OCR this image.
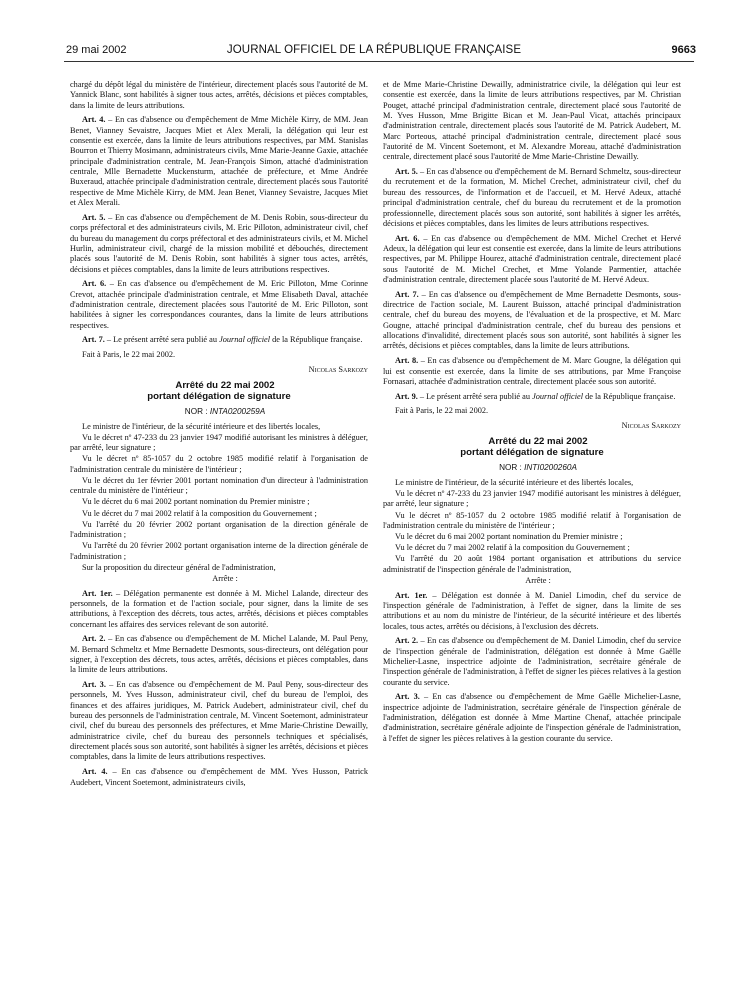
29 mai 2002	JOURNAL OFFICIEL DE LA RÉPUBLIQUE FRANÇAISE	9663

chargé du dépôt légal du ministère de l'intérieur, directement placés sous l'autorité de M. Yannick Blanc, sont habilités à signer tous actes, arrêtés, décisions et pièces comptables, dans la limite de leurs attributions.

Art. 4. – En cas d'absence ou d'empêchement de Mme Michèle Kirry, de MM. Jean Benet, Vianney Sevaistre, Jacques Miet et Alex Merali, la délégation qui leur est consentie est exercée, dans la limite de leurs attributions respectives, par MM. Stanislas Bourron et Thierry Mosimann, administrateurs civils, Mme Marie-Jeanne Gaxie, attachée principale d'administration centrale, M. Jean-François Simon, attaché d'administration centrale, Mlle Bernadette Muckensturm, attachée de préfecture, et Mme Andrée Buxeraud, attachée principale d'administration centrale, directement placés sous l'autorité respective de Mme Michèle Kirry, de MM. Jean Benet, Vianney Sevaistre, Jacques Miet et Alex Merali.

Art. 5. – En cas d'absence ou d'empêchement de M. Denis Robin, sous-directeur du corps préfectoral et des administrateurs civils, M. Eric Pilloton, administrateur civil, chef du bureau du management du corps préfectoral et des administrateurs civils, et M. Michel Hurlin, administrateur civil, chargé de la mission mobilité et débouchés, directement placés sous l'autorité de M. Denis Robin, sont habilités à signer tous actes, arrêtés, décisions et pièces comptables, dans la limite de leurs attributions respectives.

Art. 6. – En cas d'absence ou d'empêchement de M. Eric Pilloton, Mme Corinne Crevot, attachée principale d'administration centrale, et Mme Elisabeth Daval, attachée d'administration centrale, directement placées sous l'autorité de M. Eric Pilloton, sont habilitées à signer les correspondances courantes, dans la limite de leurs attributions respectives.

Art. 7. – Le présent arrêté sera publié au Journal officiel de la République française.

Fait à Paris, le 22 mai 2002.

Nicolas Sarkozy

Arrêté du 22 mai 2002
portant délégation de signature

NOR : INTA0200259A

Le ministre de l'intérieur, de la sécurité intérieure et des libertés locales,

Vu le décret nº 47-233 du 23 janvier 1947 modifié autorisant les ministres à déléguer, par arrêté, leur signature ;

Vu le décret nº 85-1057 du 2 octobre 1985 modifié relatif à l'organisation de l'administration centrale du ministère de l'intérieur ;

Vu le décret du 1er février 2001 portant nomination d'un directeur à l'administration centrale du ministère de l'intérieur ;

Vu le décret du 6 mai 2002 portant nomination du Premier ministre ;

Vu le décret du 7 mai 2002 relatif à la composition du Gouvernement ;

Vu l'arrêté du 20 février 2002 portant organisation de la direction générale de l'administration ;

Vu l'arrêté du 20 février 2002 portant organisation interne de la direction générale de l'administration ;

Sur la proposition du directeur général de l'administration,

Arrête :

Art. 1er. – Délégation permanente est donnée à M. Michel Lalande, directeur des personnels, de la formation et de l'action sociale, pour signer, dans la limite de ses attributions, à l'exception des décrets, tous actes, arrêtés, décisions et pièces comptables concernant les affaires des services relevant de son autorité.

Art. 2. – En cas d'absence ou d'empêchement de M. Michel Lalande, M. Paul Peny, M. Bernard Schmeltz et Mme Bernadette Desmonts, sous-directeurs, ont délégation pour signer, à l'exception des décrets, tous actes, arrêtés, décisions et pièces comptables, dans la limite de leurs attributions.

Art. 3. – En cas d'absence ou d'empêchement de M. Paul Peny, sous-directeur des personnels, M. Yves Husson, administrateur civil, chef du bureau de l'emploi, des finances et des affaires juridiques, M. Patrick Audebert, administrateur civil, chef du bureau des personnels de l'administration centrale, M. Vincent Soetemont, administrateur civil, chef du bureau des personnels des préfectures, et Mme Marie-Christine Dewailly, administratrice civile, chef du bureau des personnels techniques et spécialisés, directement placés sous son autorité, sont habilités à signer les arrêtés, décisions et pièces comptables, dans la limite de leurs attributions respectives.

Art. 4. – En cas d'absence ou d'empêchement de MM. Yves Husson, Patrick Audebert, Vincent Soetemont, administrateurs civils,

et de Mme Marie-Christine Dewailly, administratrice civile, la délégation qui leur est consentie est exercée, dans la limite de leurs attributions respectives, par M. Christian Pouget, attaché principal d'administration centrale, directement placé sous l'autorité de M. Yves Husson, Mme Brigitte Bican et M. Jean-Paul Vicat, attachés principaux d'administration centrale, directement placés sous l'autorité de M. Patrick Audebert, M. Marc Porteous, attaché principal d'administration centrale, directement placé sous l'autorité de M. Vincent Soetemont, et M. Alexandre Moreau, attaché d'administration centrale, directement placé sous l'autorité de Mme Marie-Christine Dewailly.

Art. 5. – En cas d'absence ou d'empêchement de M. Bernard Schmeltz, sous-directeur du recrutement et de la formation, M. Michel Crechet, administrateur civil, chef du bureau des ressources, de l'information et de l'accueil, et M. Hervé Adeux, attaché principal d'administration centrale, chef du bureau du recrutement et de la promotion professionnelle, directement placés sous son autorité, sont habilités à signer les arrêtés, décisions et pièces comptables, dans les limites de leurs attributions respectives.

Art. 6. – En cas d'absence ou d'empêchement de MM. Michel Crechet et Hervé Adeux, la délégation qui leur est consentie est exercée, dans la limite de leurs attributions respectives, par M. Philippe Hourez, attaché d'administration centrale, directement placé sous l'autorité de M. Michel Crechet, et Mme Yolande Parmentier, attachée d'administration centrale, directement placée sous l'autorité de M. Hervé Adeux.

Art. 7. – En cas d'absence ou d'empêchement de Mme Bernadette Desmonts, sous-directrice de l'action sociale, M. Laurent Buisson, attaché principal d'administration centrale, chef du bureau des moyens, de l'évaluation et de la prospective, et M. Marc Gougne, attaché principal d'administration centrale, chef du bureau des pensions et allocations d'invalidité, directement placés sous son autorité, sont habilités à signer les arrêtés, décisions et pièces comptables, dans la limite de leurs attributions.

Art. 8. – En cas d'absence ou d'empêchement de M. Marc Gougne, la délégation qui lui est consentie est exercée, dans la limite de ses attributions, par Mme Françoise Fornasari, attachée d'administration centrale, directement placée sous son autorité.

Art. 9. – Le présent arrêté sera publié au Journal officiel de la République française.

Fait à Paris, le 22 mai 2002.

Nicolas Sarkozy

Arrêté du 22 mai 2002
portant délégation de signature

NOR : INTI0200260A

Le ministre de l'intérieur, de la sécurité intérieure et des libertés locales,

Vu le décret nº 47-233 du 23 janvier 1947 modifié autorisant les ministres à déléguer, par arrêté, leur signature ;

Vu le décret nº 85-1057 du 2 octobre 1985 modifié relatif à l'organisation de l'administration centrale du ministère de l'intérieur ;

Vu le décret du 6 mai 2002 portant nomination du Premier ministre ;

Vu le décret du 7 mai 2002 relatif à la composition du Gouvernement ;

Vu l'arrêté du 20 août 1984 portant organisation et attributions du service administratif de l'inspection générale de l'administration,

Arrête :

Art. 1er. – Délégation est donnée à M. Daniel Limodin, chef du service de l'inspection générale de l'administration, à l'effet de signer, dans la limite de ses attributions et au nom du ministre de l'intérieur, de la sécurité intérieure et des libertés locales, tous actes, arrêtés ou décisions, à l'exclusion des décrets.

Art. 2. – En cas d'absence ou d'empêchement de M. Daniel Limodin, chef du service de l'inspection générale de l'administration, délégation est donnée à Mme Gaëlle Michelier-Lasne, inspectrice adjointe de l'administration, secrétaire générale de l'inspection générale de l'administration, à l'effet de signer les pièces relatives à la gestion courante du service.

Art. 3. – En cas d'absence ou d'empêchement de Mme Gaëlle Michelier-Lasne, inspectrice adjointe de l'administration, secrétaire générale de l'inspection générale de l'administration, délégation est donnée à Mme Martine Chenaf, attachée principale d'administration, secrétaire générale adjointe de l'inspection générale de l'administration, à l'effet de signer les pièces relatives à la gestion courante du service.
